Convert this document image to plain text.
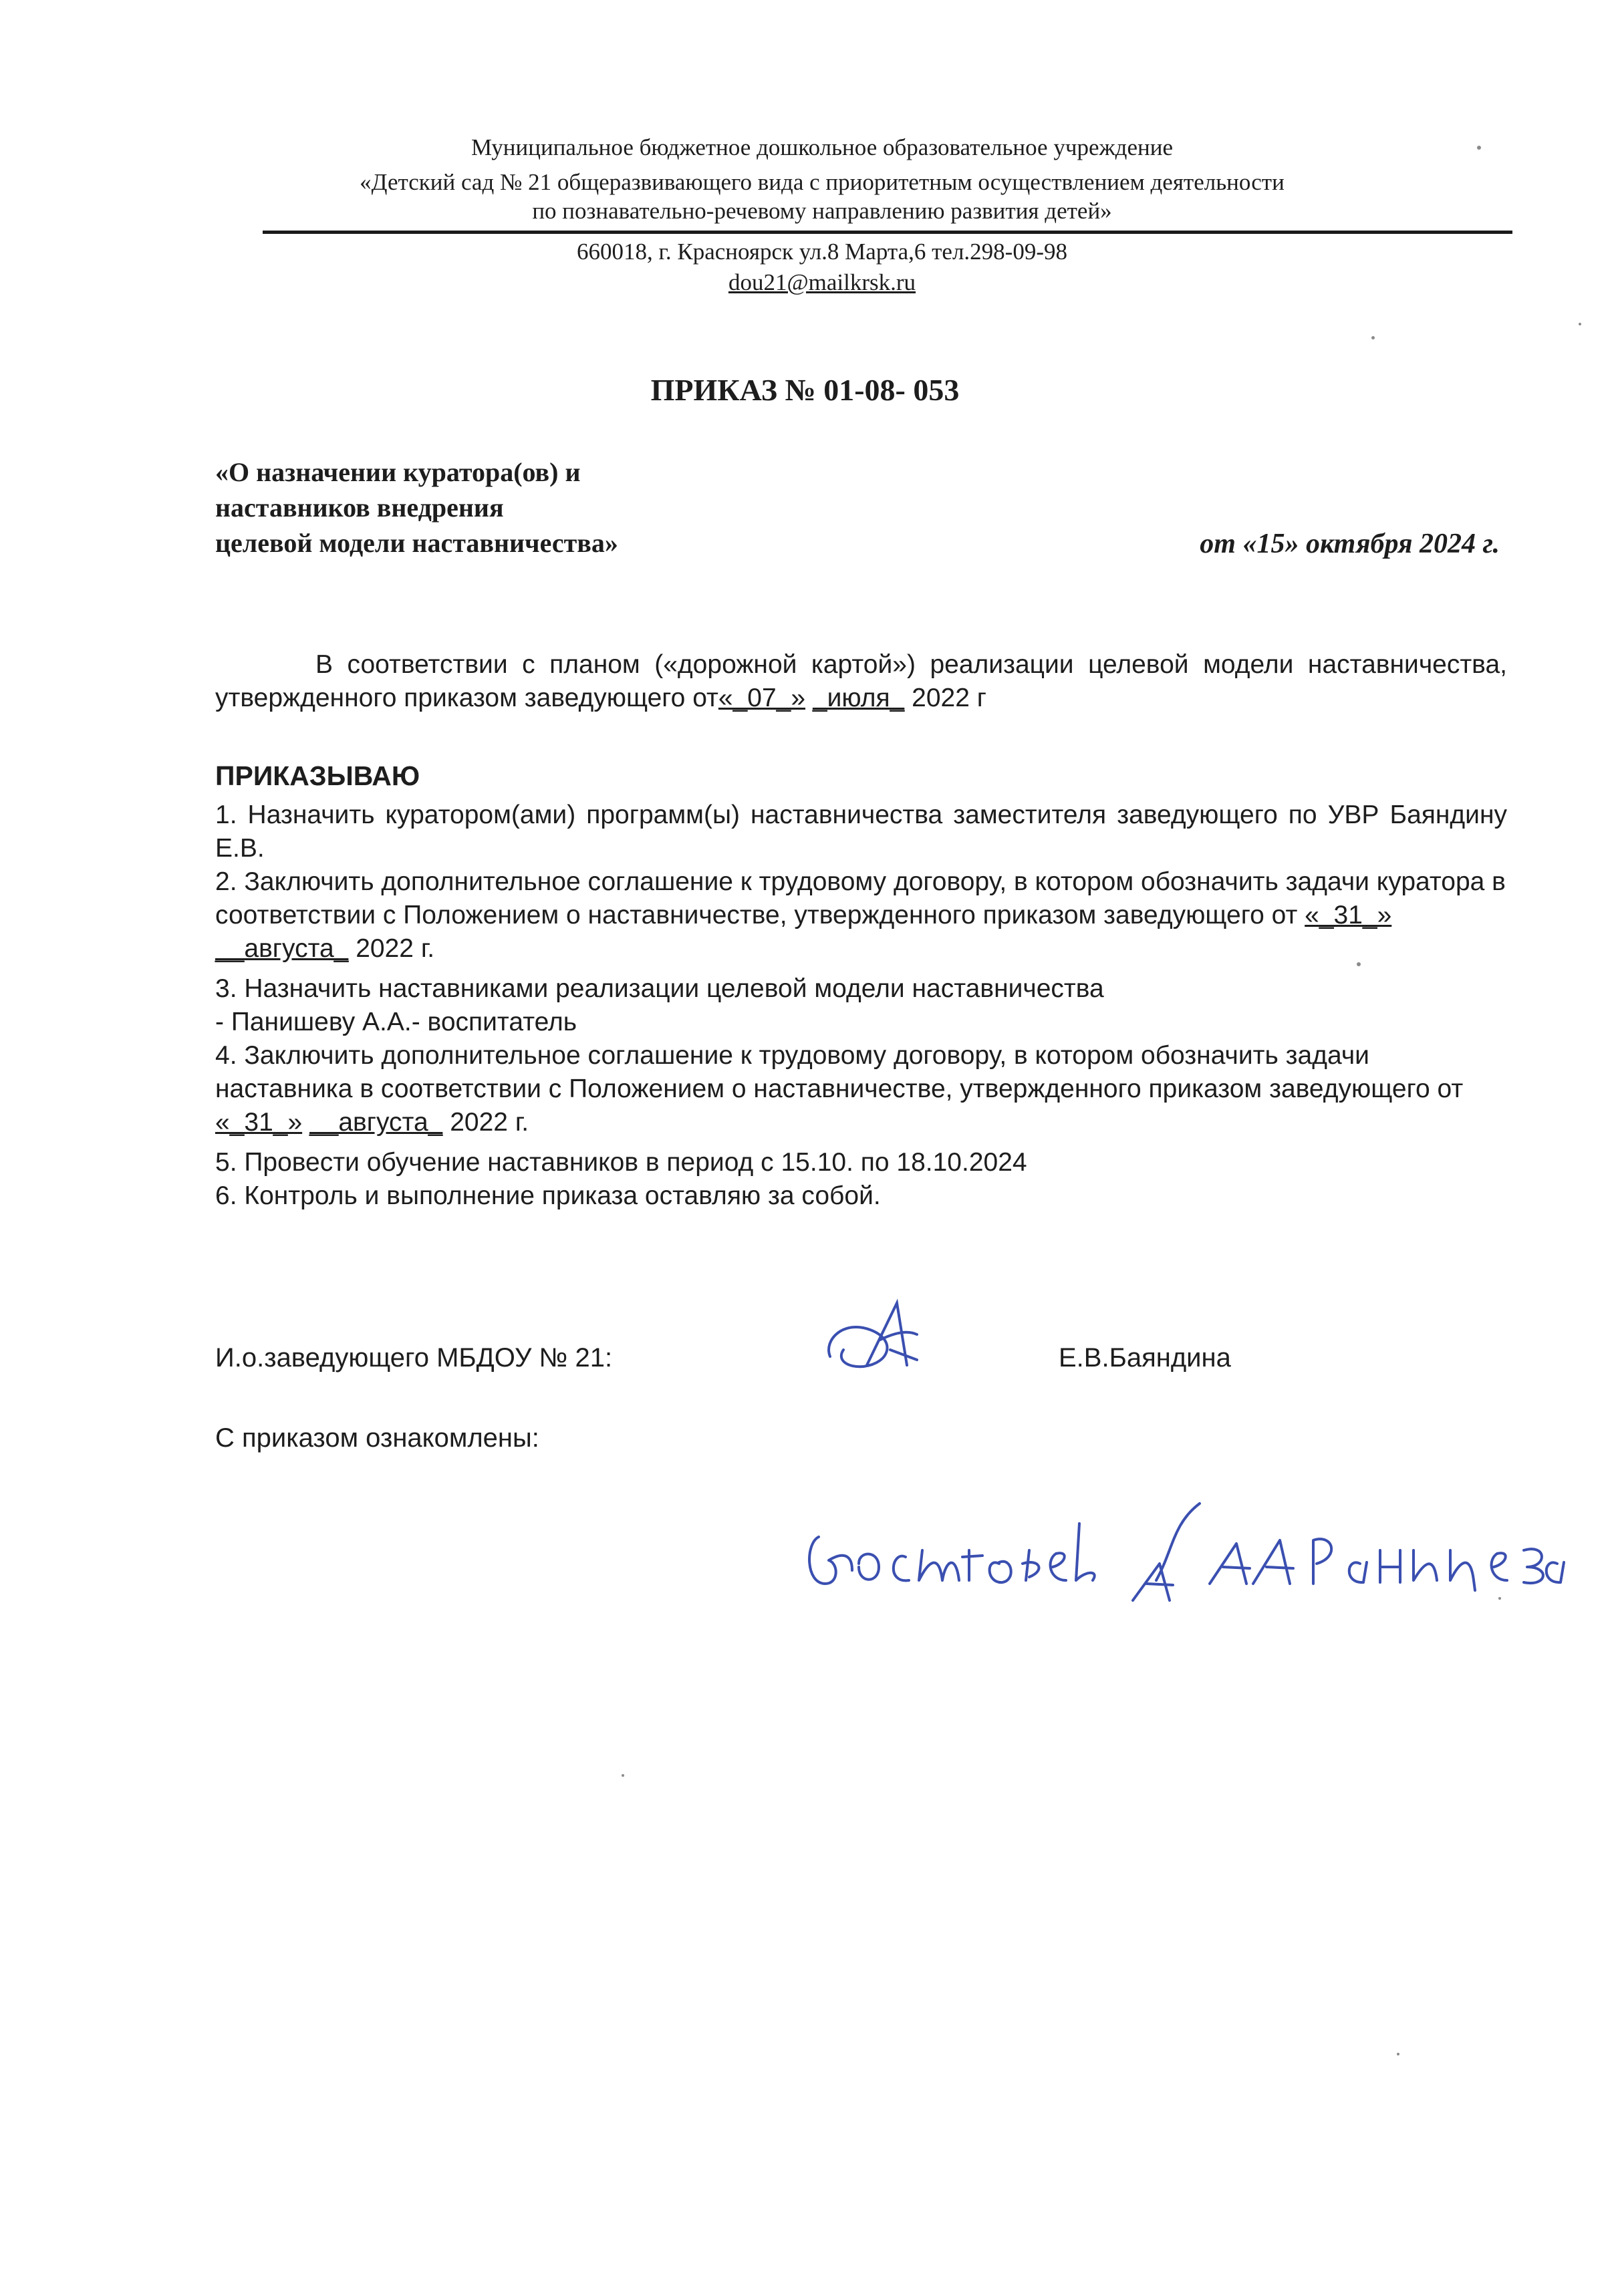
Муниципальное бюджетное дошкольное образовательное учреждение
«Детский сад № 21 общеразвивающего вида с приоритетным осуществлением деятельности
по познавательно-речевому направлению развития детей»
660018, г. Красноярск ул.8 Марта,6 тел.298-09-98
dou21@mailkrsk.ru
ПРИКАЗ № 01-08- 053
«О назначении куратора(ов) и
наставников внедрения
целевой модели наставничества»	от «15» октября 2024 г.
В соответствии с планом («дорожной картой») реализации целевой модели наставничества, утвержденного приказом заведующего от«_07_» _июля_ 2022 г
ПРИКАЗЫВАЮ

1. Назначить куратором(ами) программ(ы) наставничества заместителя заведующего по УВР Баяндину Е.В.

2. Заключить дополнительное соглашение к трудовому договору, в котором обозначить задачи куратора в соответствии с Положением о наставничестве, утвержденного приказом заведующего от «_31_» __августа_ 2022 г.

3. Назначить наставниками реализации целевой модели наставничества

- Панишеву А.А.- воспитатель

4. Заключить дополнительное соглашение к трудовому договору, в котором обозначить задачи наставника в соответствии с Положением о наставничестве, утвержденного приказом заведующего от «_31_» __августа_ 2022 г.

5. Провести обучение наставников в период с 15.10. по 18.10.2024

6. Контроль и выполнение приказа оставляю за собой.

И.о.заведующего МБДОУ № 21:	Е.В.Баяндина
С приказом ознакомлены:
